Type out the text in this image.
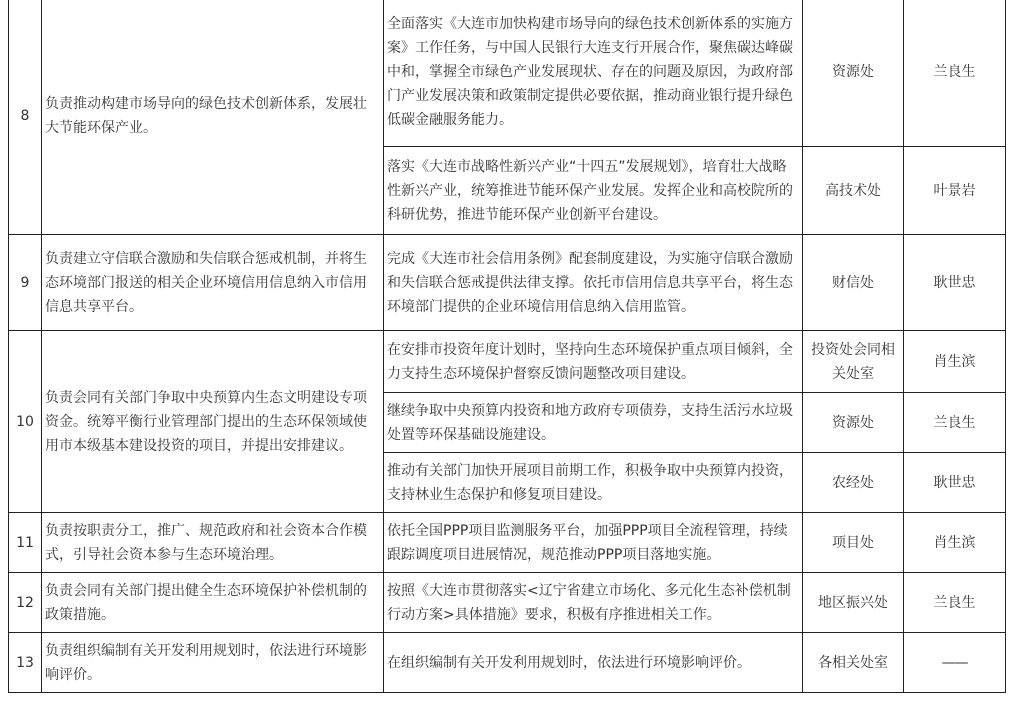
8	负责推动构建市场导向的绿色技术创新体系，发展壮大节能环保产业。	全面落实《大连市加快构建市场导向的绿色技术创新体系的实施方案》工作任务，与中国人民银行大连支行开展合作，聚焦碳达峰碳中和，掌握全市绿色产业发展现状、存在的问题及原因，为政府部门产业发展决策和政策制定提供必要依据，推动商业银行提升绿色低碳金融服务能力。	资源处	兰良生
		落实《大连市战略性新兴产业“十四五”发展规划》，培育壮大战略性新兴产业，统筹推进节能环保产业发展。发挥企业和高校院所的科研优势，推进节能环保产业创新平台建设。	高技术处	叶景岩
9	负责建立守信联合激励和失信联合惩戒机制，并将生态环境部门报送的相关企业环境信用信息纳入市信用信息共享平台。	完成《大连市社会信用条例》配套制度建设，为实施守信联合激励和失信联合惩戒提供法律支撑。依托市信用信息共享平台，将生态环境部门提供的企业环境信用信息纳入信用监管。	财信处	耿世忠
10	负责会同有关部门争取中央预算内生态文明建设专项资金。统筹平衡行业管理部门提出的生态环保领域使用市本级基本建设投资的项目，并提出安排建议。	在安排市投资年度计划时，坚持向生态环境保护重点项目倾斜，全力支持生态环境保护督察反馈问题整改项目建设。	投资处会同相关处室	肖生滨
		继续争取中央预算内投资和地方政府专项债券，支持生活污水垃圾处置等环保基础设施建设。	资源处	兰良生
		推动有关部门加快开展项目前期工作，积极争取中央预算内投资，支持林业生态保护和修复项目建设。	农经处	耿世忠
11	负责按职责分工，推广、规范政府和社会资本合作模式，引导社会资本参与生态环境治理。	依托全国PPP项目监测服务平台，加强PPP项目全流程管理，持续跟踪调度项目进展情况，规范推动PPP项目落地实施。	项目处	肖生滨
12	负责会同有关部门提出健全生态环境保护补偿机制的政策措施。	按照《大连市贯彻落实<辽宁省建立市场化、多元化生态补偿机制行动方案>具体措施》要求，积极有序推进相关工作。	地区振兴处	兰良生
13	负责组织编制有关开发利用规划时，依法进行环境影响评价。	在组织编制有关开发利用规划时，依法进行环境影响评价。	各相关处室	——
